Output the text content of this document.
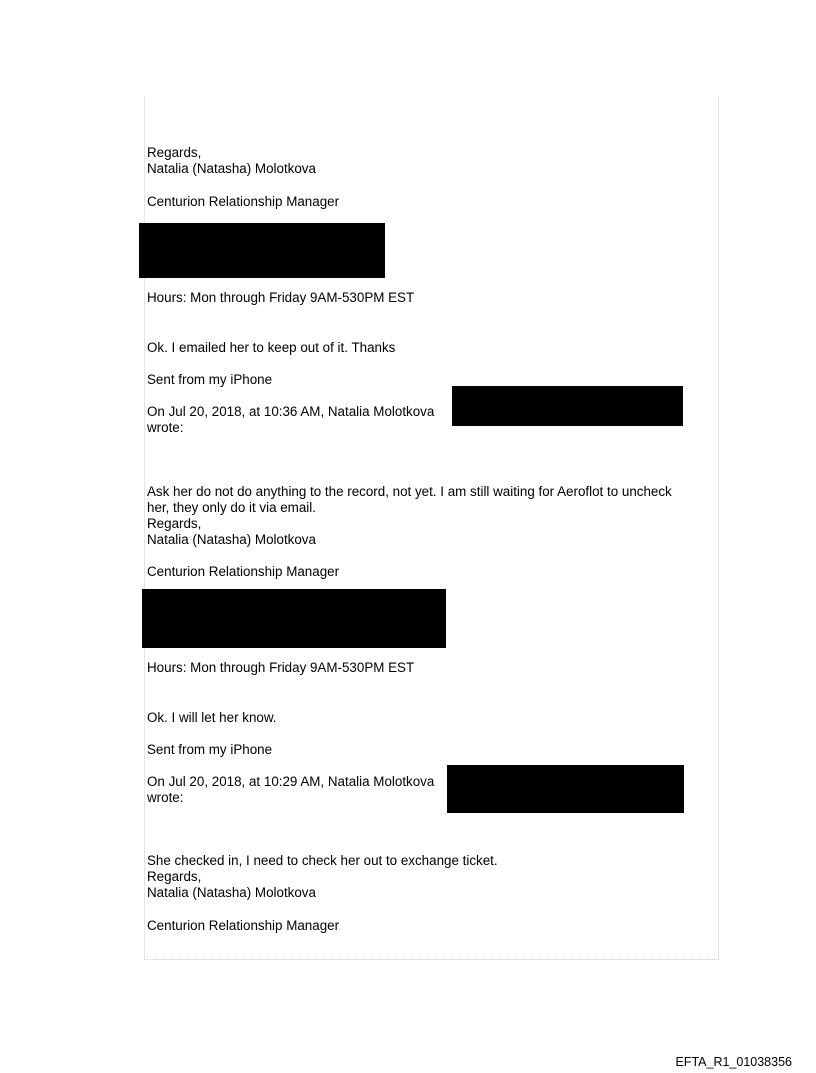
Regards,
Natalia (Natasha) Molotkova
Centurion Relationship Manager
Hours: Mon through Friday 9AM-530PM EST
Ok. I emailed her to keep out of it. Thanks
Sent from my iPhone
On Jul 20, 2018, at 10:36 AM, Natalia Molotkova
wrote:
Ask her do not do anything to the record, not yet. I am still waiting for Aeroflot to uncheck
her, they only do it via email.
Regards,
Natalia (Natasha) Molotkova
Centurion Relationship Manager
Hours: Mon through Friday 9AM-530PM EST
Ok. I will let her know.
Sent from my iPhone
On Jul 20, 2018, at 10:29 AM, Natalia Molotkova
wrote:
She checked in, I need to check her out to exchange ticket.
Regards,
Natalia (Natasha) Molotkova
Centurion Relationship Manager
EFTA_R1_01038356
